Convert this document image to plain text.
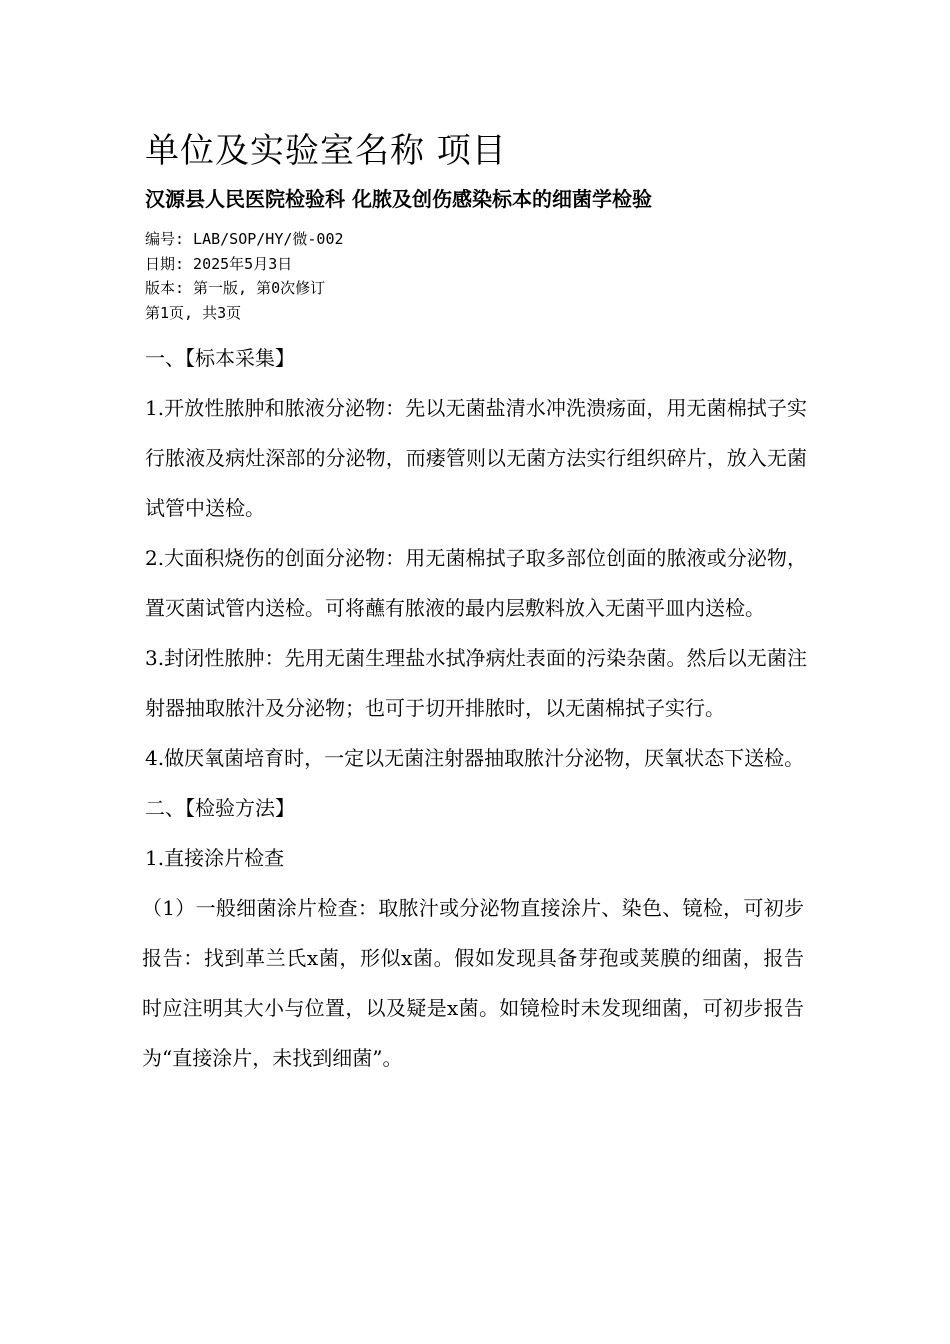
单位及实验室名称 项目
汉源县人民医院检验科 化脓及创伤感染标本的细菌学检验
编号: LAB/SOP/HY/微-002
日期: 2025年5月3日
版本: 第一版, 第0次修订
第1页, 共3页

一、【标本采集】

1.开放性脓肿和脓液分泌物：先以无菌盐清水冲洗溃疡面，用无菌棉拭子实行脓液及病灶深部的分泌物，而瘘管则以无菌方法实行组织碎片，放入无菌试管中送检。

2.大面积烧伤的创面分泌物：用无菌棉拭子取多部位创面的脓液或分泌物，置灭菌试管内送检。可将蘸有脓液的最内层敷料放入无菌平皿内送检。

3.封闭性脓肿：先用无菌生理盐水拭净病灶表面的污染杂菌。然后以无菌注射器抽取脓汁及分泌物；也可于切开排脓时，以无菌棉拭子实行。

4.做厌氧菌培育时，一定以无菌注射器抽取脓汁分泌物，厌氧状态下送检。

二、【检验方法】

1.直接涂片检查

（1）一般细菌涂片检查：取脓汁或分泌物直接涂片、染色、镜检，可初步报告：找到革兰氏x菌，形似x菌。假如发现具备芽孢或荚膜的细菌，报告时应注明其大小与位置，以及疑是x菌。如镜检时未发现细菌，可初步报告为“直接涂片，未找到细菌”。
